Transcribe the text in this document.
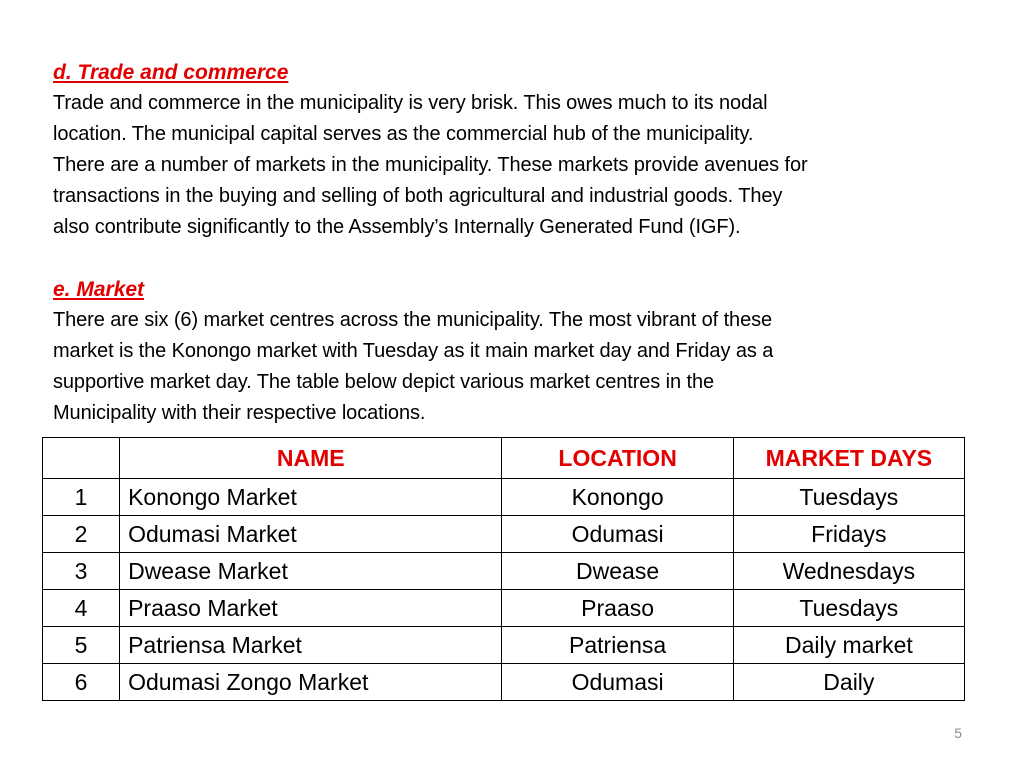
d. Trade and commerce

Trade and commerce in the municipality is very brisk. This owes much to its nodal

location. The municipal capital serves as the commercial hub of the municipality.

There are a number of markets in the municipality. These markets provide avenues for

transactions in the buying and selling of both agricultural and industrial goods. They

also contribute significantly to the Assembly’s Internally Generated Fund (IGF).

e. Market

There are six (6) market centres across the municipality. The most vibrant of these

market is the Konongo market with Tuesday as it main market day and Friday as a

supportive market day. The table below depict various market centres in the

Municipality with their respective locations.

	NAME	LOCATION	MARKET DAYS
1	Konongo Market	Konongo	Tuesdays
2	Odumasi Market	Odumasi	Fridays
3	Dwease Market	Dwease	Wednesdays
4	Praaso Market	Praaso	Tuesdays
5	Patriensa Market	Patriensa	Daily market
6	Odumasi Zongo Market	Odumasi	Daily
5
